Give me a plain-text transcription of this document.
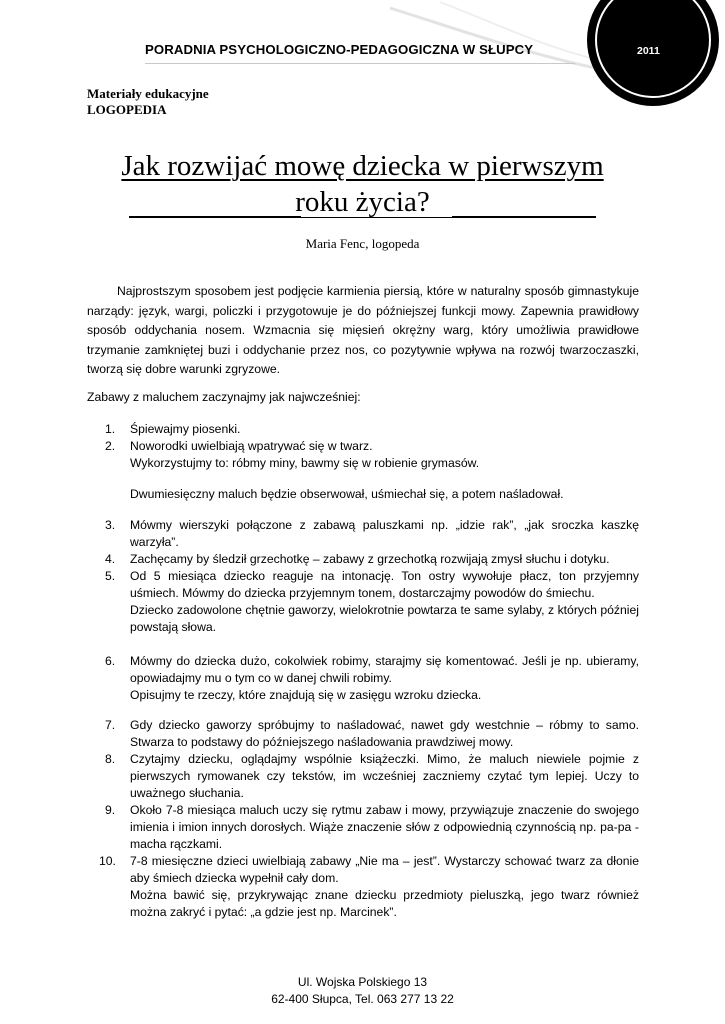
PORADNIA PSYCHOLOGICZNO-PEDAGOGICZNA W SŁUPCY	2011
Materiały edukacyjne
LOGOPEDIA
Jak rozwijać mowę dziecka w pierwszym
roku życia?
Maria Fenc, logopeda
Najprostszym sposobem jest podjęcie karmienia piersią, które w naturalny sposób gimnastykuje narządy: język, wargi, policzki i przygotowuje je do późniejszej funkcji mowy. Zapewnia prawidłowy sposób oddychania nosem. Wzmacnia się mięsień okrężny warg, który umożliwia prawidłowe trzymanie zamkniętej buzi i oddychanie przez nos, co pozytywnie wpływa na rozwój twarzoczaszki, tworzą się dobre warunki zgryzowe.
Zabawy z maluchem zaczynajmy jak najwcześniej:
1. Śpiewajmy piosenki.

2. Noworodki uwielbiają wpatrywać się w twarz.

Wykorzystujmy to: róbmy miny, bawmy się w robienie grymasów.

Dwumiesięczny maluch będzie obserwował, uśmiechał się, a potem naśladował.

3. Mówmy wierszyki połączone z zabawą paluszkami np. „idzie rak”, „jak sroczka kaszkę warzyła”.

4. Zachęcamy by śledził grzechotkę – zabawy z grzechotką rozwijają zmysł słuchu i dotyku.

5. Od 5 miesiąca dziecko reaguje na intonację. Ton ostry wywołuje płacz, ton przyjemny uśmiech. Mówmy do dziecka przyjemnym tonem, dostarczajmy powodów do śmiechu.

Dziecko zadowolone chętnie gaworzy, wielokrotnie powtarza te same sylaby, z których później powstają słowa.

6. Mówmy do dziecka dużo, cokolwiek robimy, starajmy się komentować. Jeśli je np. ubieramy, opowiadajmy mu o tym co w danej chwili robimy.

Opisujmy te rzeczy, które znajdują się w zasięgu wzroku dziecka.

7. Gdy dziecko gaworzy spróbujmy to naśladować, nawet gdy westchnie – róbmy to samo. Stwarza to podstawy do późniejszego naśladowania prawdziwej mowy.

8. Czytajmy dziecku, oglądajmy wspólnie książeczki. Mimo, że maluch niewiele pojmie z pierwszych rymowanek czy tekstów, im wcześniej zaczniemy czytać tym lepiej. Uczy to uważnego słuchania.

9. Około 7-8 miesiąca maluch uczy się rytmu zabaw i mowy, przywiązuje znaczenie do swojego imienia i imion innych dorosłych. Wiąże znaczenie słów z odpowiednią czynnością np. pa-pa - macha rączkami.

10. 7-8 miesięczne dzieci uwielbiają zabawy „Nie ma – jest”. Wystarczy schować twarz za dłonie aby śmiech dziecka wypełnił cały dom.

Można bawić się, przykrywając znane dziecku przedmioty pieluszką, jego twarz również można zakryć i pytać: „a gdzie jest np. Marcinek”.

Ul. Wojska Polskiego 13
62-400 Słupca, Tel. 063 277 13 22
